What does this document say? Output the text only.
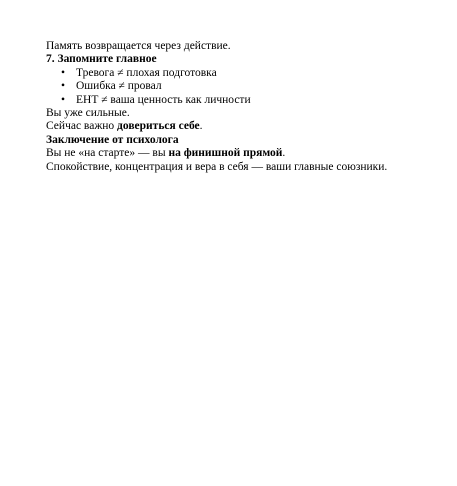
Память возвращается через действие.
7. Запомните главное
• Тревога ≠ плохая подготовка
• Ошибка ≠ провал
• ЕНТ ≠ ваша ценность как личности
Вы уже сильные.
Сейчас важно довериться себе.
Заключение от психолога
Вы не «на старте» — вы на финишной прямой.
Спокойствие, концентрация и вера в себя — ваши главные союзники.
